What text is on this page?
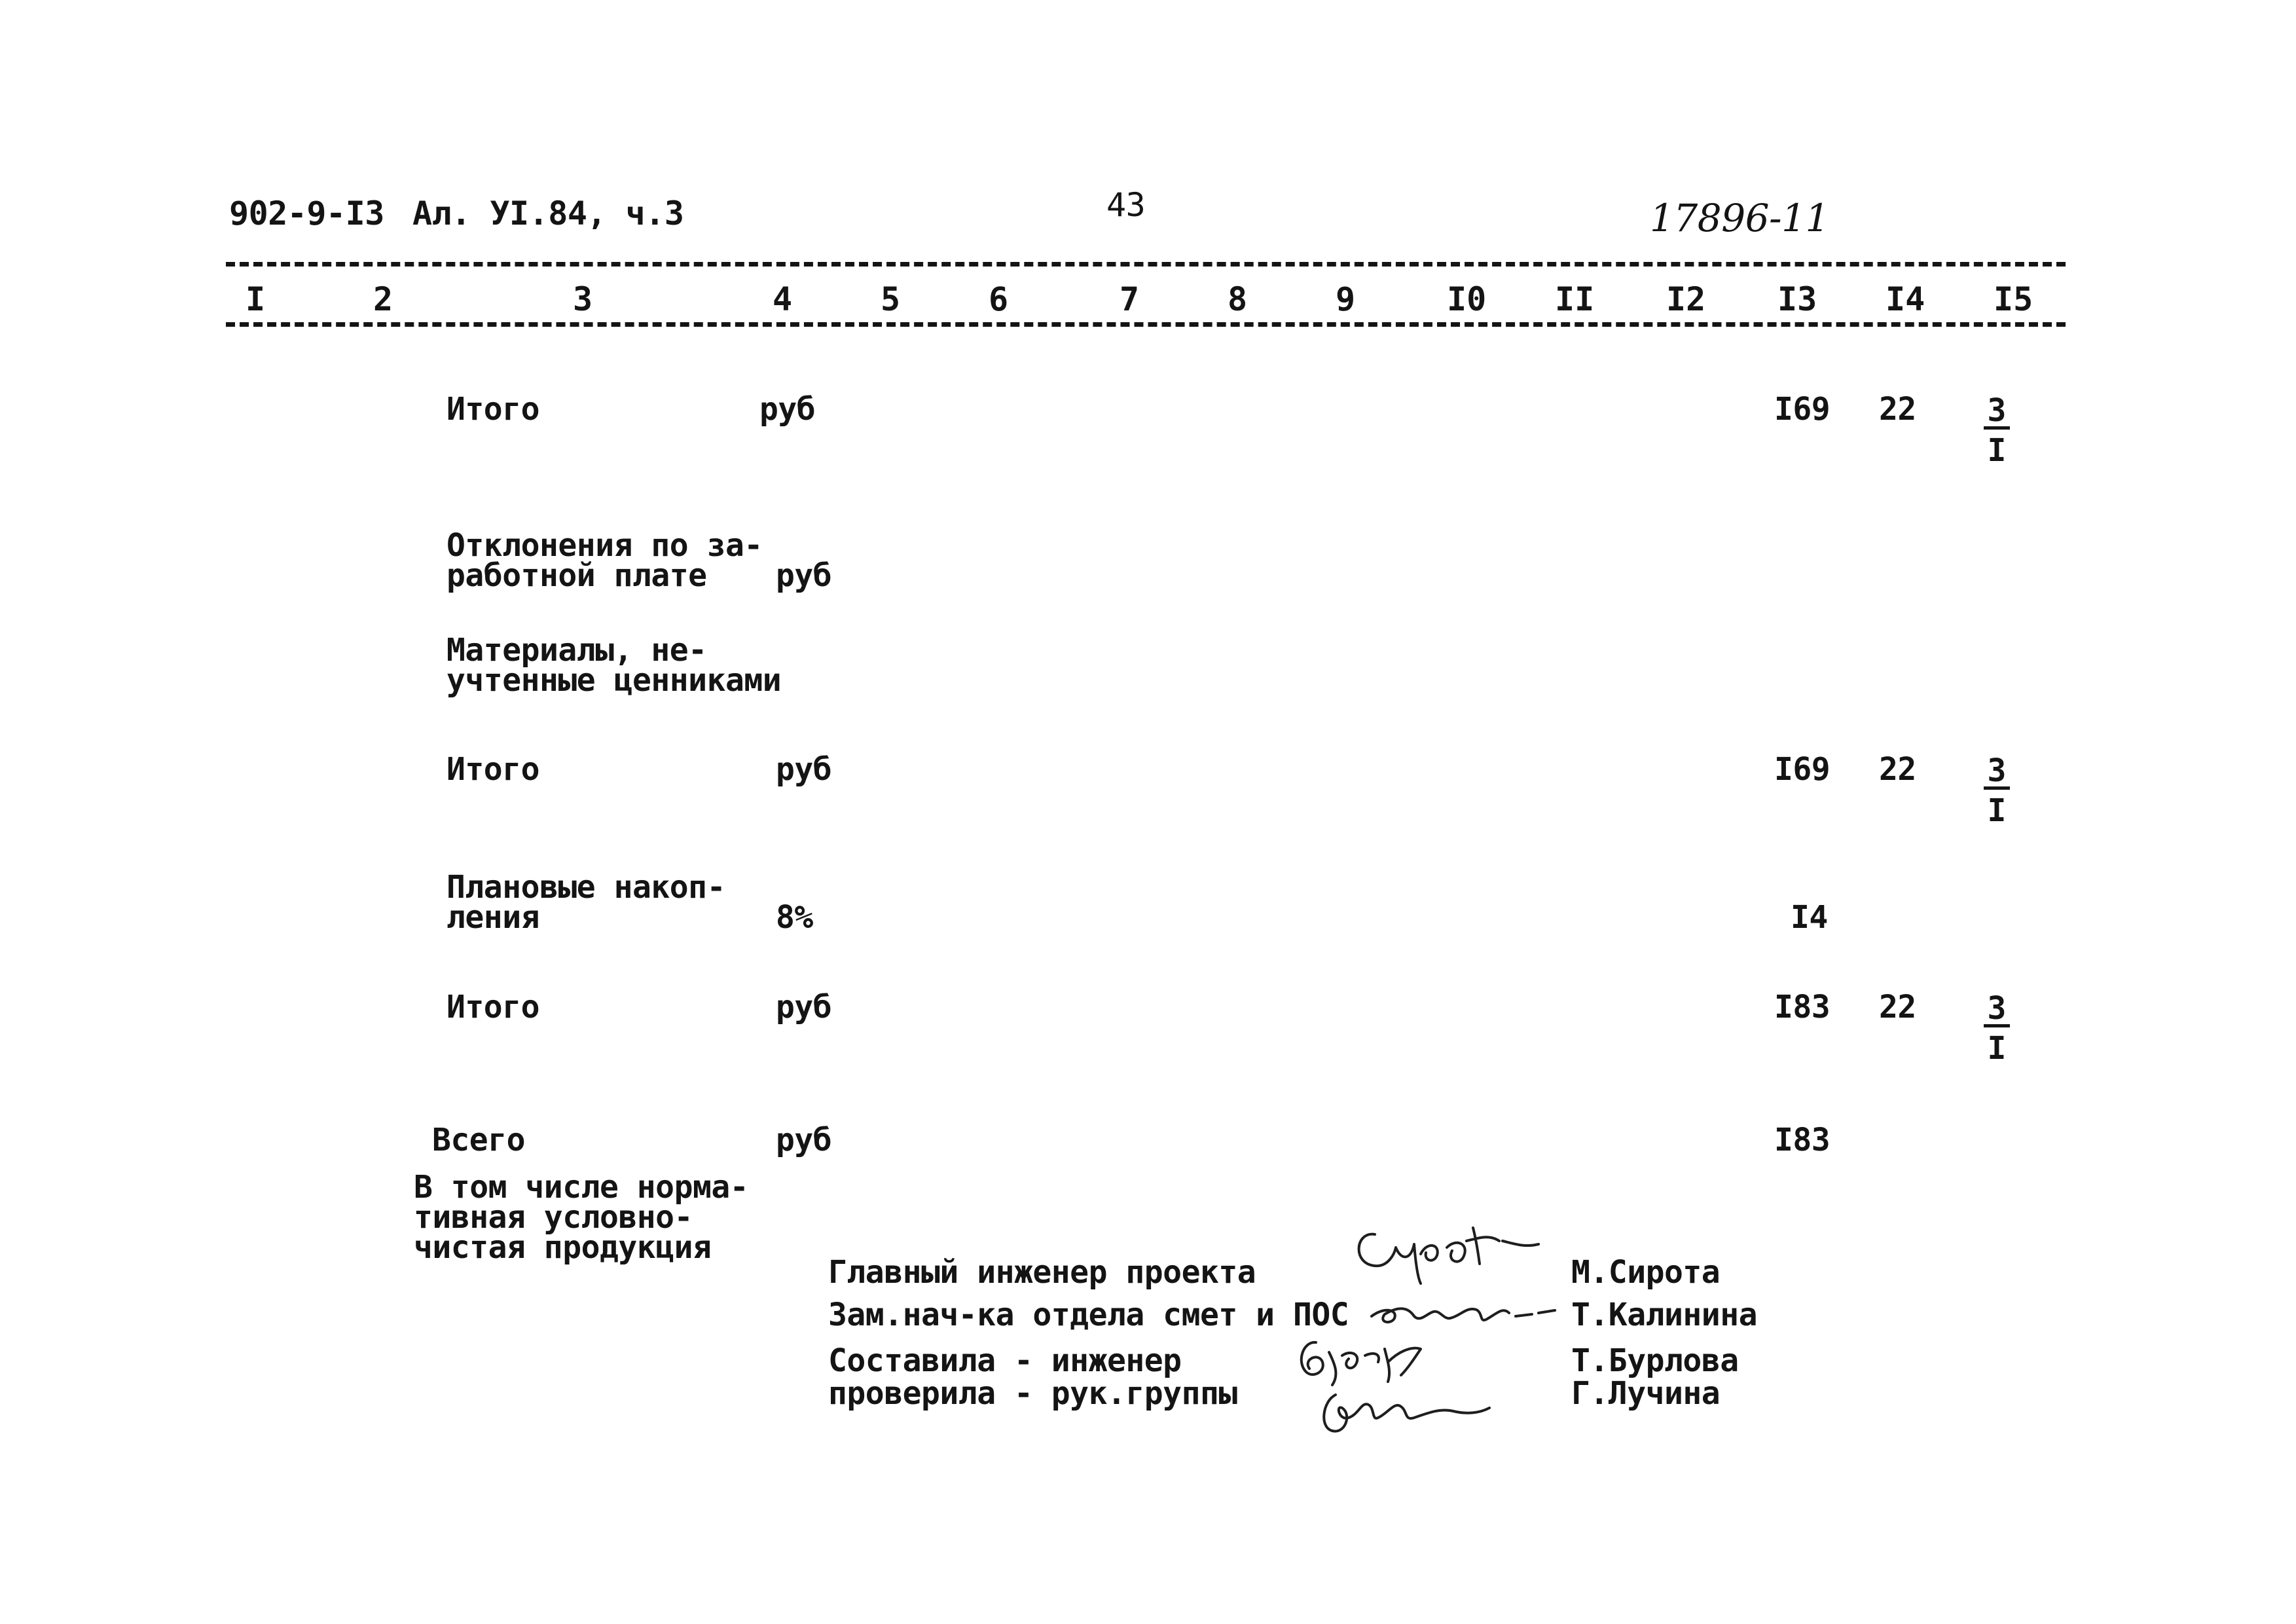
902-9-I3 Ал. УI.84, ч.3	43	17896-11
I	2	3	4	5	6	7	8	9	I0 II I2 I3 I4 I5
Итого	руб	I69 $22 \frac{3}{I}$
Отклонения по за-
работной плате руб
Материалы, не-
учтенные ценниками
Итого	руб	I69 $22 \frac{3}{I}$
Плановые накоп-
ления	8%	I4
Итого	руб	I83 $22 \frac{3}{I}$
Всего	руб	I83
В том числе норма-
тивная условно-
чистая продукция
Главный инженер проекта	М.Сирота
Зам.нач-ка отдела смет и ПОС	Т.Калинина
Составила - инженер	Т.Бурлова
проверила - рук.группы	Г.Лучина
